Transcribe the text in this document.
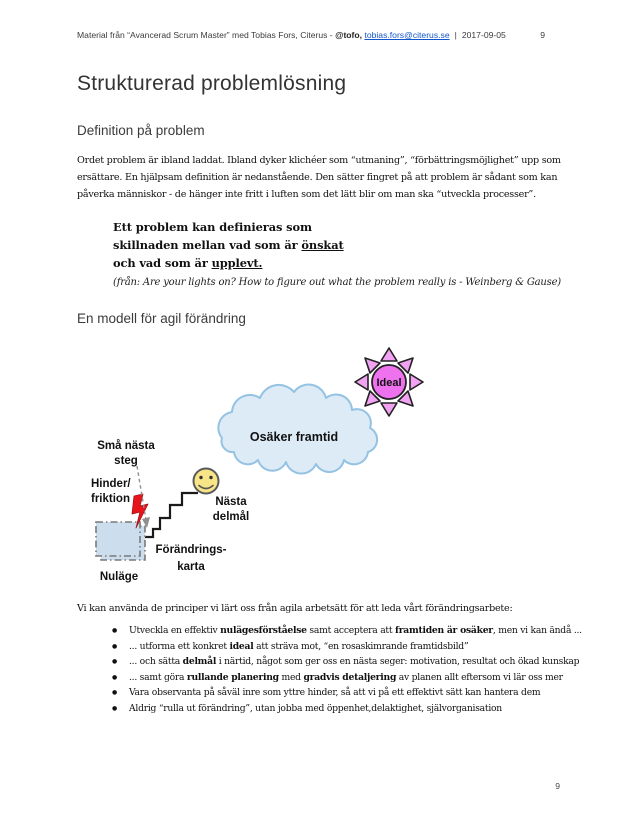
Material från “Avancerad Scrum Master” med Tobias Fors, Citerus - @tofo, tobias.fors@citerus.se | 2017-09-05	9
Strukturerad problemlösning
Definition på problem
Ordet problem är ibland laddat. Ibland dyker klichéer som “utmaning”, “förbättringsmöjlighet” upp som
ersättare. En hjälpsam definition är nedanstående. Den sätter fingret på att problem är sådant som kan
påverka människor - de hänger inte fritt i luften som det lätt blir om man ska “utveckla processer”.
Ett problem kan definieras som
skillnaden mellan vad som är önskat
och vad som är upplevt.
(från: Are your lights on? How to figure out what the problem really is - Weinberg & Gause)
En modell för agil förändring
Osäker framtid
Ideal
Små nästa
steg
Hinder/
friktion	Nästa
delmål
Förändrings-
karta
Nuläge
Vi kan använda de principer vi lärt oss från agila arbetsätt för att leda vårt förändringsarbete:
● Utveckla en effektiv nulägesförståelse samt acceptera att framtiden är osäker, men vi kan ändå ...
● ... utforma ett konkret ideal att sträva mot, “en rosaskimrande framtidsbild”
● ... och sätta delmål i närtid, något som ger oss en nästa seger: motivation, resultat och ökad kunskap
● ... samt göra rullande planering med gradvis detaljering av planen allt eftersom vi lär oss mer
● Vara observanta på såväl inre som yttre hinder, så att vi på ett effektivt sätt kan hantera dem
● Aldrig “rulla ut förändring”, utan jobba med öppenhet,delaktighet, självorganisation
9
